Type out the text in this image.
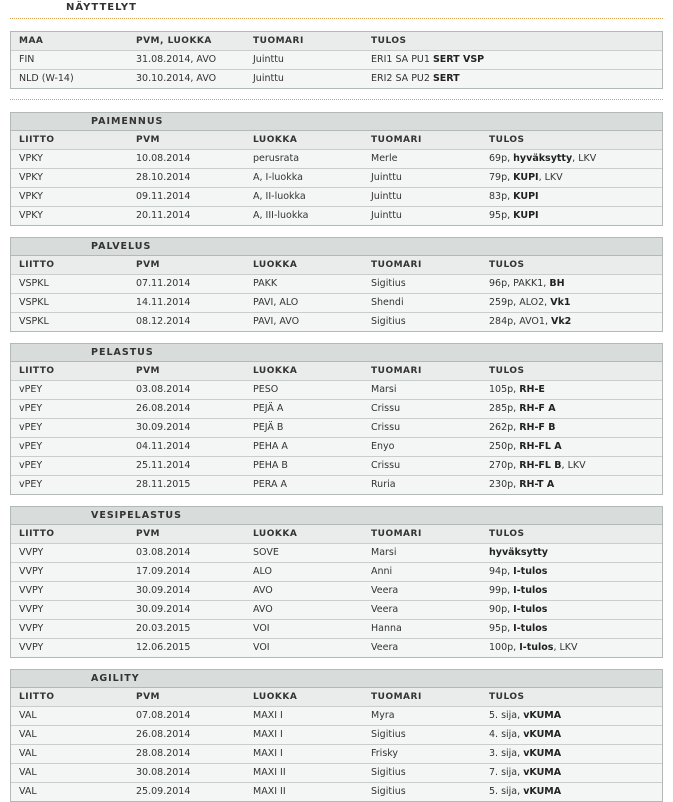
NÄYTTELYT
MAA	PVM, LUOKKA	TUOMARI	TULOS
FIN	31.08.2014, AVO	Juinttu	ERI1 SA PU1 SERT VSP
NLD (W-14)	30.10.2014, AVO	Juinttu	ERI2 SA PU2 SERT
PAIMENNUS
LIITTO	PVM	LUOKKA	TUOMARI	TULOS
VPKY	10.08.2014	perusrata	Merle	69p, hyväksytty, LKV
VPKY	28.10.2014	A, I-luokka	Juinttu	79p, KUPI, LKV
VPKY	09.11.2014	A, II-luokka	Juinttu	83p, KUPI
VPKY	20.11.2014	A, III-luokka	Juinttu	95p, KUPI
PALVELUS
LIITTO	PVM	LUOKKA	TUOMARI	TULOS
VSPKL	07.11.2014	PAKK	Sigitius	96p, PAKK1, BH
VSPKL	14.11.2014	PAVI, ALO	Shendi	259p, ALO2, Vk1
VSPKL	08.12.2014	PAVI, AVO	Sigitius	284p, AVO1, Vk2
PELASTUS
LIITTO	PVM	LUOKKA	TUOMARI	TULOS
vPEY	03.08.2014	PESO	Marsi	105p, RH-E
vPEY	26.08.2014	PEJÄ A	Crissu	285p, RH-F A
vPEY	30.09.2014	PEJÄ B	Crissu	262p, RH-F B
vPEY	04.11.2014	PEHA A	Enyo	250p, RH-FL A
vPEY	25.11.2014	PEHA B	Crissu	270p, RH-FL B, LKV
vPEY	28.11.2015	PERA A	Ruria	230p, RH-T A
VESIPELASTUS
LIITTO	PVM	LUOKKA	TUOMARI	TULOS
VVPY	03.08.2014	SOVE	Marsi	hyväksytty
VVPY	17.09.2014	ALO	Anni	94p, I-tulos
VVPY	30.09.2014	AVO	Veera	99p, I-tulos
VVPY	30.09.2014	AVO	Veera	90p, I-tulos
VVPY	20.03.2015	VOI	Hanna	95p, I-tulos
VVPY	12.06.2015	VOI	Veera	100p, I-tulos, LKV
AGILITY
LIITTO	PVM	LUOKKA	TUOMARI	TULOS
VAL	07.08.2014	MAXI I	Myra	5. sija, vKUMA
VAL	26.08.2014	MAXI I	Sigitius	4. sija, vKUMA
VAL	28.08.2014	MAXI I	Frisky	3. sija, vKUMA
VAL	30.08.2014	MAXI II	Sigitius	7. sija, vKUMA
VAL	25.09.2014	MAXI II	Sigitius	5. sija, vKUMA
